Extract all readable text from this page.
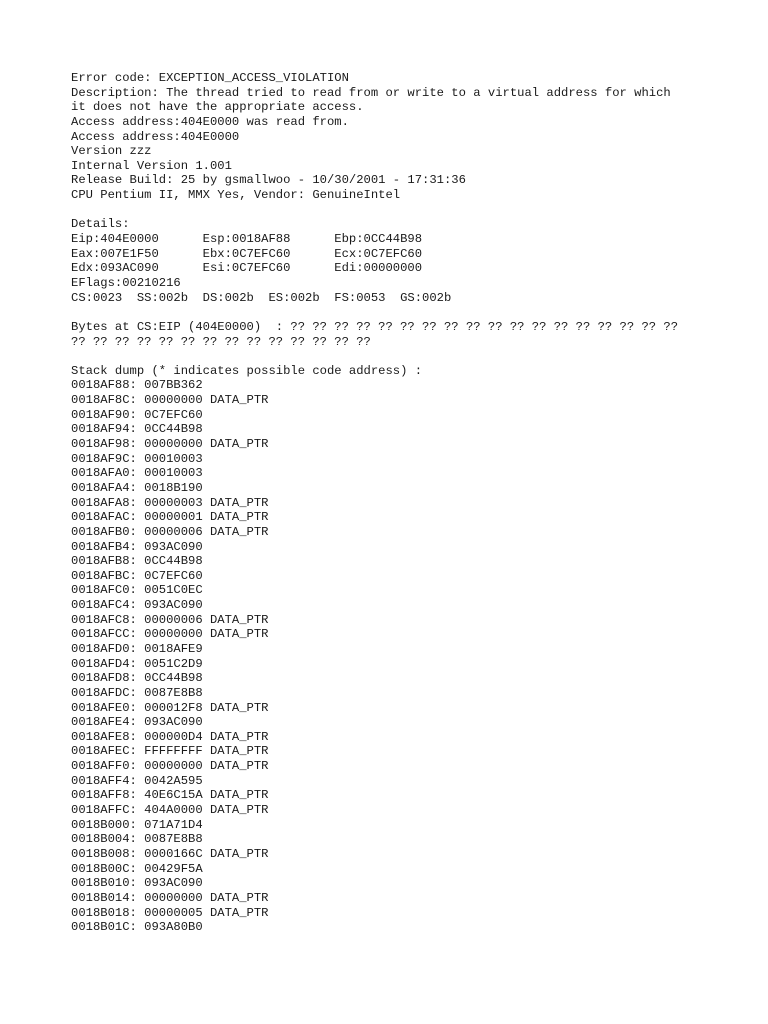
Error code: EXCEPTION_ACCESS_VIOLATION
Description: The thread tried to read from or write to a virtual address for which
it does not have the appropriate access.
Access address:404E0000 was read from.
Access address:404E0000
Version zzz
Internal Version 1.001
Release Build: 25 by gsmallwoo - 10/30/2001 - 17:31:36
CPU Pentium II, MMX Yes, Vendor: GenuineIntel
Details:
Eip:404E0000      Esp:0018AF88      Ebp:0CC44B98
Eax:007E1F50      Ebx:0C7EFC60      Ecx:0C7EFC60
Edx:093AC090      Esi:0C7EFC60      Edi:00000000
EFlags:00210216
CS:0023  SS:002b  DS:002b  ES:002b  FS:0053  GS:002b
Bytes at CS:EIP (404E0000)  : ?? ?? ?? ?? ?? ?? ?? ?? ?? ?? ?? ?? ?? ?? ?? ?? ?? ??
?? ?? ?? ?? ?? ?? ?? ?? ?? ?? ?? ?? ?? ??
Stack dump (* indicates possible code address) :
0018AF88: 007BB362
0018AF8C: 00000000 DATA_PTR
0018AF90: 0C7EFC60
0018AF94: 0CC44B98
0018AF98: 00000000 DATA_PTR
0018AF9C: 00010003
0018AFA0: 00010003
0018AFA4: 0018B190
0018AFA8: 00000003 DATA_PTR
0018AFAC: 00000001 DATA_PTR
0018AFB0: 00000006 DATA_PTR
0018AFB4: 093AC090
0018AFB8: 0CC44B98
0018AFBC: 0C7EFC60
0018AFC0: 0051C0EC
0018AFC4: 093AC090
0018AFC8: 00000006 DATA_PTR
0018AFCC: 00000000 DATA_PTR
0018AFD0: 0018AFE9
0018AFD4: 0051C2D9
0018AFD8: 0CC44B98
0018AFDC: 0087E8B8
0018AFE0: 000012F8 DATA_PTR
0018AFE4: 093AC090
0018AFE8: 000000D4 DATA_PTR
0018AFEC: FFFFFFFF DATA_PTR
0018AFF0: 00000000 DATA_PTR
0018AFF4: 0042A595
0018AFF8: 40E6C15A DATA_PTR
0018AFFC: 404A0000 DATA_PTR
0018B000: 071A71D4
0018B004: 0087E8B8
0018B008: 0000166C DATA_PTR
0018B00C: 00429F5A
0018B010: 093AC090
0018B014: 00000000 DATA_PTR
0018B018: 00000005 DATA_PTR
0018B01C: 093A80B0
